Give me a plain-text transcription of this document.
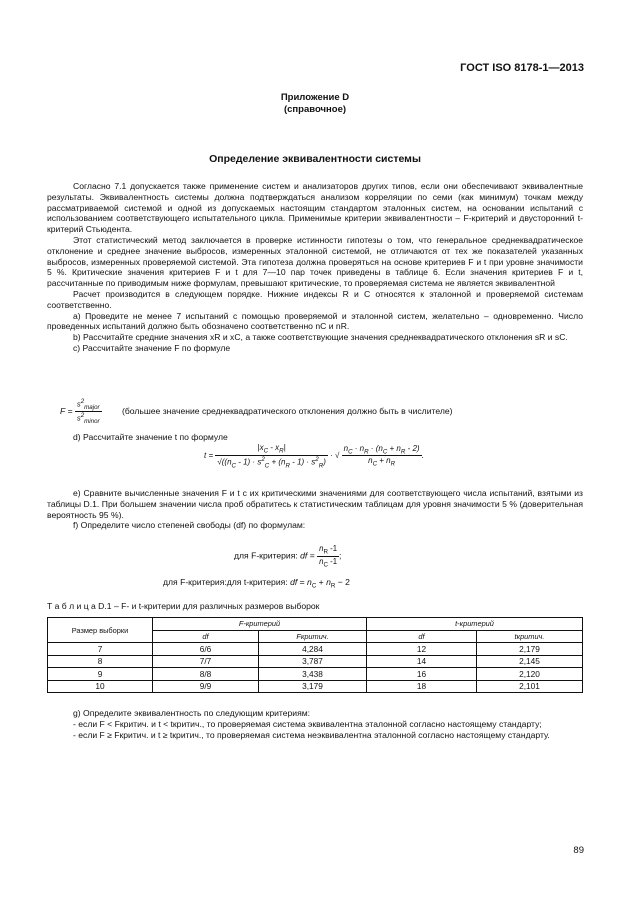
ГОСТ ISO 8178-1—2013
Приложение D
(справочное)
Определение эквивалентности системы

Согласно 7.1 допускается также применение систем и анализаторов других типов, если они обеспечивают эквивалентные результаты. Эквивалентность системы должна подтверждаться анализом корреляции по семи (как минимум) точкам между рассматриваемой системой и одной из допускаемых настоящим стандартом эталонных систем, на основании испытаний с использованием соответствующего испытательного цикла. Применимые критерии эквивалентности – F-критерий и двусторонний t-критерий Стьюдента.

Этот статистический метод заключается в проверке истинности гипотезы о том, что генеральное среднеквадратическое отклонение и среднее значение выбросов, измеренных эталонной системой, не отличаются от тех же показателей указанных выбросов, измеренных проверяемой системой. Эта гипотеза должна проверяться на основе критериев F и t при уровне значимости 5 %. Критические значения критериев F и t для 7—10 пар точек приведены в таблице 6. Если значения критериев F и t, рассчитанные по приводимым ниже формулам, превышают критические, то проверяемая система не является эквивалентной

Расчет производится в следующем порядке. Нижние индексы R и C относятся к эталонной и проверяемой системам соответственно.

a) Проведите не менее 7 испытаний с помощью проверяемой и эталонной систем, желательно – одновременно. Число проведенных испытаний должно быть обозначено соответственно nC и nR.

b) Рассчитайте средние значения xR и xC, а также соответствующие значения среднеквадратического отклонения sR и sC.

c) Рассчитайте значение F по формуле

$F = \frac{s^2_{major}}{s^2_{minor}}$ (большее значение среднеквадратического отклонения должно быть в числителе)

d) Рассчитайте значение t по формуле

$t = \frac{|x_C - x_R|}{√((n_C - 1) \cdot s^2_C + (n_R - 1) \cdot s^2_R)}$ · √ $\frac{n_C \cdot n_R \cdot (n_C + n_R - 2)}{n_C + n_R}$ .

e) Сравните вычисленные значения F и t с их критическими значениями для соответствующего числа испытаний, взятыми из таблицы D.1. При большем значении числа проб обратитесь к статистическим таблицам для уровня значимости 5 % (доверительная вероятность 95 %).

f) Определите число степеней свободы (df) по формулам:

для F-критерия: df = $\frac{n_R -1}{n_C -1}$ ;
для F-критерия:для t-критерия: df = $n_C + n_R - 2$
Т а б л и ц а D.1 – F- и t-критерии для различных размеров выборок
Размер выборки	F-критерий		t-критерий	
	df	Fкритич.	df	tкритич.
7	6/6	4,284	12	2,179
8	7/7	3,787	14	2,145
9	8/8	3,438	16	2,120
10	9/9	3,179	18	2,101

g) Определите эквивалентность по следующим критериям:

- если F < Fкритич. и t < tкритич., то проверяемая система эквивалентна эталонной согласно настоящему стандарту;

- если F ≥ Fкритич. и t ≥ tкритич., то проверяемая система неэквивалентна эталонной согласно настоящему стандарту.

89
